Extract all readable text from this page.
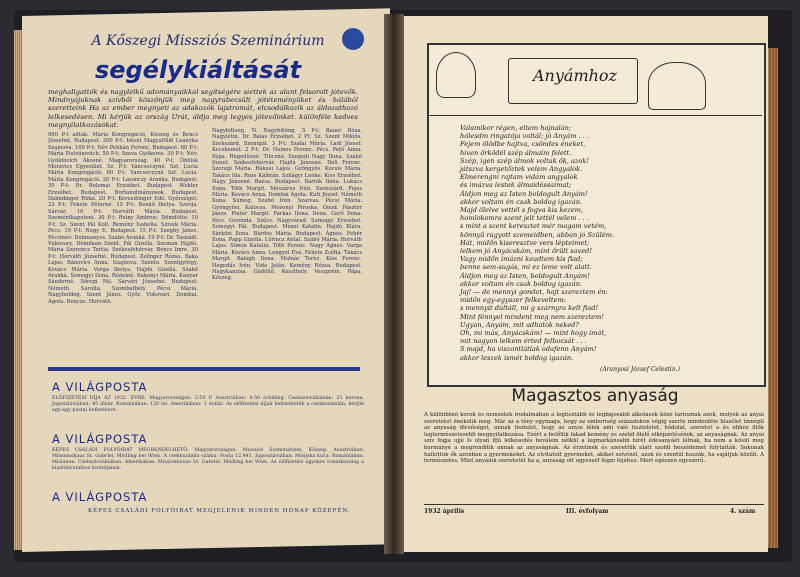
A Kőszegi Missziós Szeminárium
segélykiáltását
meghallgattók és nagylelkű adományaikkal segítségére siettek az alant felsorolt jótevők. Mindnyájuknak szívből köszönjük meg nagyrabecsült jótéteményüket és hálából szeretteink Ha az ember megnyeti az adakozók lajstromát, elcsodálkozik az áldozathozó lelkesedésen. Mi kérjük az ország Urát, áldja meg legyes jótevőinket. különféle kedves megnyilatkozásokat.
960 P-t adtak: Mária Kongregáció, Kőszeg és Bencs Józsefné, Budapest. 200 P-t: Istent Magyaföldi Leányka Szajnova. 100 P-t: Név Pelikán Ferenc, Budapest. 60 P-t: Mária Pistvánovich. 50 P-t: Szeva Gyökeres. 30 P-t: Név. Gyöktovich Ákosné. Magyarország. 40 P-t: Öbölsk Moravics Egyesület. Sz. P-t: Vancsoczyné. Szt. Lucia Mária Kongregáció. 60 P-t: Vancsoczyné Szt. Lucia. Mária Kongregáció. 20 P-t: Lasonczy Aranka. Budapest. 30 P-t: Dr. Bolomai Erzsébet. Budapest. Wohler Erzsébet. Budapest. Bortanulmányosok Budapest. Dalmdinger Ridai. 20 P-t: Keresztinger Ede. Győrsziget. 23 P-t: Fekete Péterné. 15 P-t: Benkő Ibolya. Szovja. Sárvár. 10 P-t: Horváth Mária. Budapest. Szeméntkapotoni. 30 P-t: Reiny Ambrus. Dömdötte: 10 P-t: Sz. Szent Pál Koll. Remény Isabella. Szivek Mária. Pécs. 19 P-t: Negy E. Budapest. 15 P-t: Szeghy János. Pécsinév: Dohmanyos. Szabó Arankà. 19 P-t: Dr. Tasnádi. Vukovary. Dömdaan Szent. Pál Gizella. Szeman Hajdú. Mária Szerencz Tertia. Székesfehérvár. Bencs Imre. 30 P-t: Horváth Józsefné. Budapest. Zelinger Rózsa. Baka Lajos. Bánovics Anna. Szajnova. Szente. Szentgyörgy. Kovács Mária. Varga Ibolya. Hajdú Gizella. Szabó Arankà. Somogyi Ilona. Rédeiné. Bakonyi Mária. Kanyar Sándorné. Sőregi Pál. Sárvári Józsefné. Budapest. Németh. Sarolta. Szombathely. Pécsi Mária. Nagyboldog. Szent János. Győr. Vukovári. Dombai. Ágota. Bencze. Horváth.
Nagybittség. N. Nagybitting. 5 P-t: Bauer Róza. Nagylétin. Dr. Balas Erzsébet. 2 Pt: Sz. Szent Miklós. Szekszárd. Szentgál. 3 P-t: Szalai Mária. Ladi József. Kecskemét. 2 P-t: Dr. Nemes Ferenc. Pécs. Pető Anna. Pápa. Hegedűsné. Tiliczné. Szegedi Nagy Ilona. Szabó József. Székesfehérvár. Hajdú Jánosné. Deli Ferenc. Szeregi Mária. Rákosi Lajos. Gyöngyös. Kocsis Mária. Takács Ida. Rozs Kálmán. Szilágyi Lenke. Kiss Erzsébet. Nagy Jánosné. Bazsa. Budapest. Bartók Ilona. Lukács Ilona. Tóth Margit. Mészáros Irén. Szekszárd. Fejes Mária. Kovács Anna. Dombai Ágota. Kuti József. Németh Ilona. Sümeg. Szabó Irén. Szarvas. Pécsi Mária. Gyöngyösi. Kalocsa. Mosonyi Piroska. Ónod. Pásztor János. Pintér Margit. Farkas Ilona. Ilona. Gerő Ilona. Pécs. Gerenda. Szűcs. Nagyvárad. Somogyi Erzsébet. Somogyi Pál. Budapest. Mezei Katalin. Hajdú Klára. Sárközi Ilona. Bárdos Mária. Budapest. Ágnes. Fehér Ilona. Papp Gizella. Lőrincz Antal. Szabó Mária. Horváth Lajos. Simon Katalin. Tóth Ferenc. Nagy Ágnes. Varga Mária. Kovács Anna. Lengyel Éva. Fekete Zsófia. Takács Margit. Balogh Ilona. Molnár Teréz. Kiss Ferenc. Hegedűs Irén. Vida Jolán. Kemény Rózsa. Budapest. Nagykanizsa. Gödöllő. Keszthely. Veszprém. Pápa. Kőszeg.
A VILÁGPOSTA
ELŐFIZETÉSI DÍJA AZ 1932. ÉVRE: Magyarországon: 2·50 P. Ausztriában: 4·50 schilling. Csehszlovákiában: 23 korona. Jugoszláviában: 45 dinár. Romániában: 120 lei. Amerikában: 1 dollár. Az előfizetési díjak befizethetők a csekkszámlán, kérjük egy-egy postai befizetésre.
A VILÁGPOSTA
KÉPES CSALÁDI FOLYÓIRAT MEGRENDELHETŐ: Magyarországon: Missziós Szeminárium, Kőszeg. Ausztriában: Missionshaus St. Gabriel, Mödling bei Wien. A csekkszámla száma: Posta 12.441. Jugoszláviában: Misijska kuća. Romániában: Misiunea. Csehszlovákiában. Amerikában: Missionhouse St. Gabriel. Mödling bei Wien. Az előfizetési ügyekre vonatkozólag a kiadóhivatalhoz forduljanak.
A VILÁGPOSTA
KÉPES CSALÁDI FOLYÓIRAT MEGJELENIK MINDEN HÓNAP KÖZEPÉN.
Anyámhoz
Valamikor régen, eltem hajnalán;
hólesdm ringatója voltál; jó Anyám . . .
Fejem ölödbe hajtva, csöndes éneket,
hiven őrködél szép álmaim felett.
Szép, igen szép álmok voltak ők, azok!
játszva kergetőztek velem Angyalok.
Elmerengni rajtam vidám angyalok
és imázva lestek álmaidéssaimat;
Áldjon meg az Isten boldogult Anyám!
akkor voltam én csak boldog igazán.
Majd ölelve vettél s fogva kis kezem,
homlokomra szent jelt tettél velem . . .
s mint a szent keresztet mér magam vetém,
könnyű ragyott szemeidben, abban jó Szülém.
Hát, midőn kiseresztve vers lépteimet;
lelkem jó Anyácskám, mint őrült saved!
Vagy midőn imázni keadtem kis fiad;
benne sem-sugás, mi ez leme volt alatt.
Áldjon meg az Isten, boldogult Anyám!
akkor voltam én csak boldog igazán.
Jaj! — de mennyi gondot, hajt szereztem én:
midőn egy-egyszer felkeveltem:
s mennyit dúltáll, mi g szárnyra kelt fiad!
Mint fénnyel mindent meg nem szereztem!
Ugyan, Anyám, mit adhatok neked?
Oh, mi más, Anyácskám! — mint hogy imát,
mit nagyon lelkem érted felbocsát . . .
S majd, ha viszontlátlak odafenn Anyám!
akkor leszek ismét boldog igazán.
(Aranyosi József Celestin.)
Magasztos anyaság
A különböző korok és nemzetek irodalmában a legtisztább és legbájosabb alkotások közé tartoznak azok, melyek az anyai szeretetet énekelik meg. Már az a tény egymaga, hogy az emberiség századokon végig szerte mindenféle hiszélet ünnepli az anyaság dicsőséget, annak tisztelet, hogy az anyai lélek ami való tiszteletet, hódolat, szeretet a és ehhez illők legtermészetesebb megnyilatkozása. Ezért a belőlük fakad kemény és szelíd ölelő elképzelésének, az anyaságnak. Az anyai szív fogja ujjé Is olyan ifjú lelkesedés beválem nélkül a legmarkánsabb hírét édesanyáét látnak, ha nem a kösül meg kormányé a megrendítik annak az anyaságnak. Az érzelmek és szerettük alatt szoldi beszédemet folytatták. Sokunak hallottuk ők azonban a gyermekeket. Az elvitatott gyermeket, akiket szívénél, azok és szentül hozzák, ha sajátjuk közüli. A természetes. Mint anyáink szeretetét ha a, anyaság ott egyeszéf fogni fejéhez. Mert egészen egyszerű.
1932 április	III. évfolyam	4. szám
